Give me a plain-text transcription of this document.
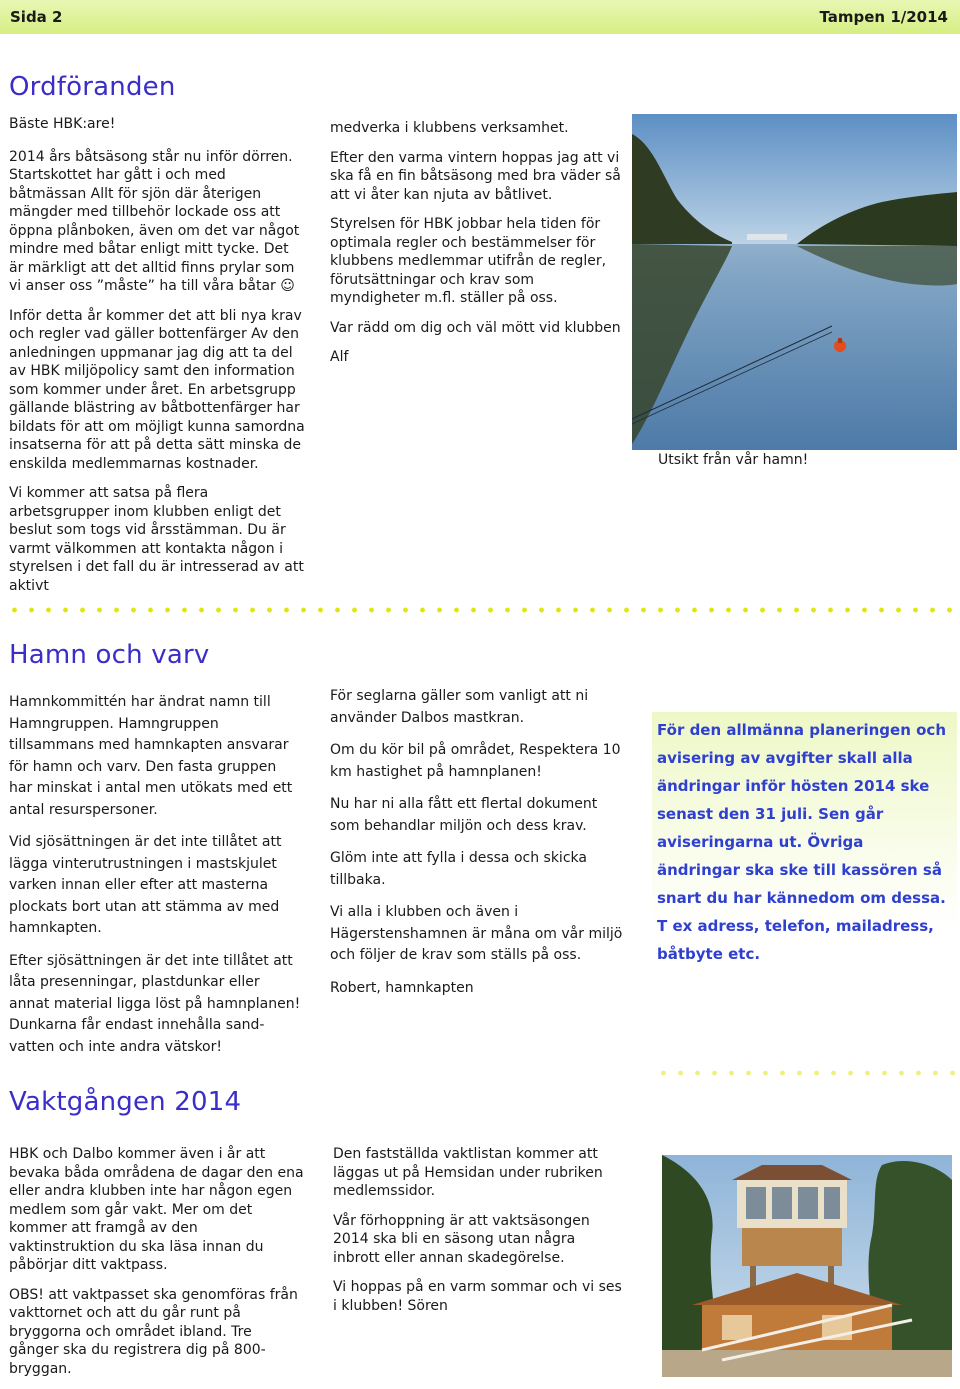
Sida 2	Tampen 1/2014
Ordföranden

Bäste HBK:are!

2014 års båtsäsong står nu inför dörren. Startskottet har gått i och med båtmässan Allt för sjön där återigen mängder med tillbehör lockade oss att öppna plånboken, även om det var något mindre med båtar enligt mitt tycke. Det är märkligt att det alltid finns prylar som vi anser oss ”måste” ha till våra båtar ☺

Inför detta år kommer det att bli nya krav och regler vad gäller bottenfärger Av den anledningen uppmanar jag dig att ta del av HBK miljöpolicy samt den information som kommer under året. En arbetsgrupp gällande blästring av båtbottenfärger har bildats för att om möjligt kunna samordna insatserna för att på detta sätt minska de enskilda medlemmarnas kostnader.

Vi kommer att satsa på flera arbetsgrupper inom klubben enligt det beslut som togs vid årsstämman. Du är varmt välkommen att kontakta någon i styrelsen i det fall du är intresserad av att aktivt

medverka i klubbens verksamhet.

Efter den varma vintern hoppas jag att vi ska få en fin båtsäsong med bra väder så att vi åter kan njuta av båtlivet.

Styrelsen för HBK jobbar hela tiden för optimala regler och bestämmelser för klubbens medlemmar utifrån de regler, förutsättningar och krav som myndigheter m.fl. ställer på oss.

Var rädd om dig och väl mött vid klubben

Alf

Utsikt från vår hamn!
Hamn och varv

Hamnkommittén har ändrat namn till Hamngruppen. Hamngruppen tillsammans med hamnkapten ansvarar för hamn och varv. Den fasta gruppen har minskat i antal men utökats med ett antal resurspersoner.

Vid sjösättningen är det inte tillåtet att lägga vinterutrustningen i mastskjulet varken innan eller efter att masterna plockats bort utan att stämma av med hamnkapten.

Efter sjösättningen är det inte tillåtet att låta presenningar, plastdunkar eller annat material ligga löst på hamnplanen! Dunkarna får endast innehålla sand-vatten och inte andra vätskor!

För seglarna gäller som vanligt att ni använder Dalbos mastkran.

Om du kör bil på området, Respektera 10 km hastighet på hamnplanen!

Nu har ni alla fått ett flertal dokument som behandlar miljön och dess krav.

Glöm inte att fylla i dessa och skicka tillbaka.

Vi alla i klubben och även i Hägerstenshamnen är måna om vår miljö och följer de krav som ställs på oss.

Robert, hamnkapten

För den allmänna planeringen och avisering av avgifter skall alla ändringar inför hösten 2014 ske senast den 31 juli. Sen går aviseringarna ut. Övriga ändringar ska ske till kassören så snart du har kännedom om dessa. T ex adress, telefon, mailadress, båtbyte etc.
Vaktgången 2014

HBK och Dalbo kommer även i år att bevaka båda områdena de dagar den ena eller andra klubben inte har någon egen medlem som går vakt. Mer om det kommer att framgå av den vaktinstruktion du ska läsa innan du påbörjar ditt vaktpass.

OBS! att vaktpasset ska genomföras från vakttornet och att du går runt på bryggorna och området ibland. Tre gånger ska du registrera dig på 800-bryggan.

Den fastställda vaktlistan kommer att läggas ut på Hemsidan under rubriken medlemssidor.

Vår förhoppning är att vaktsäsongen 2014 ska bli en säsong utan några inbrott eller annan skadegörelse.

Vi hoppas på en varm sommar och vi ses i klubben! Sören
